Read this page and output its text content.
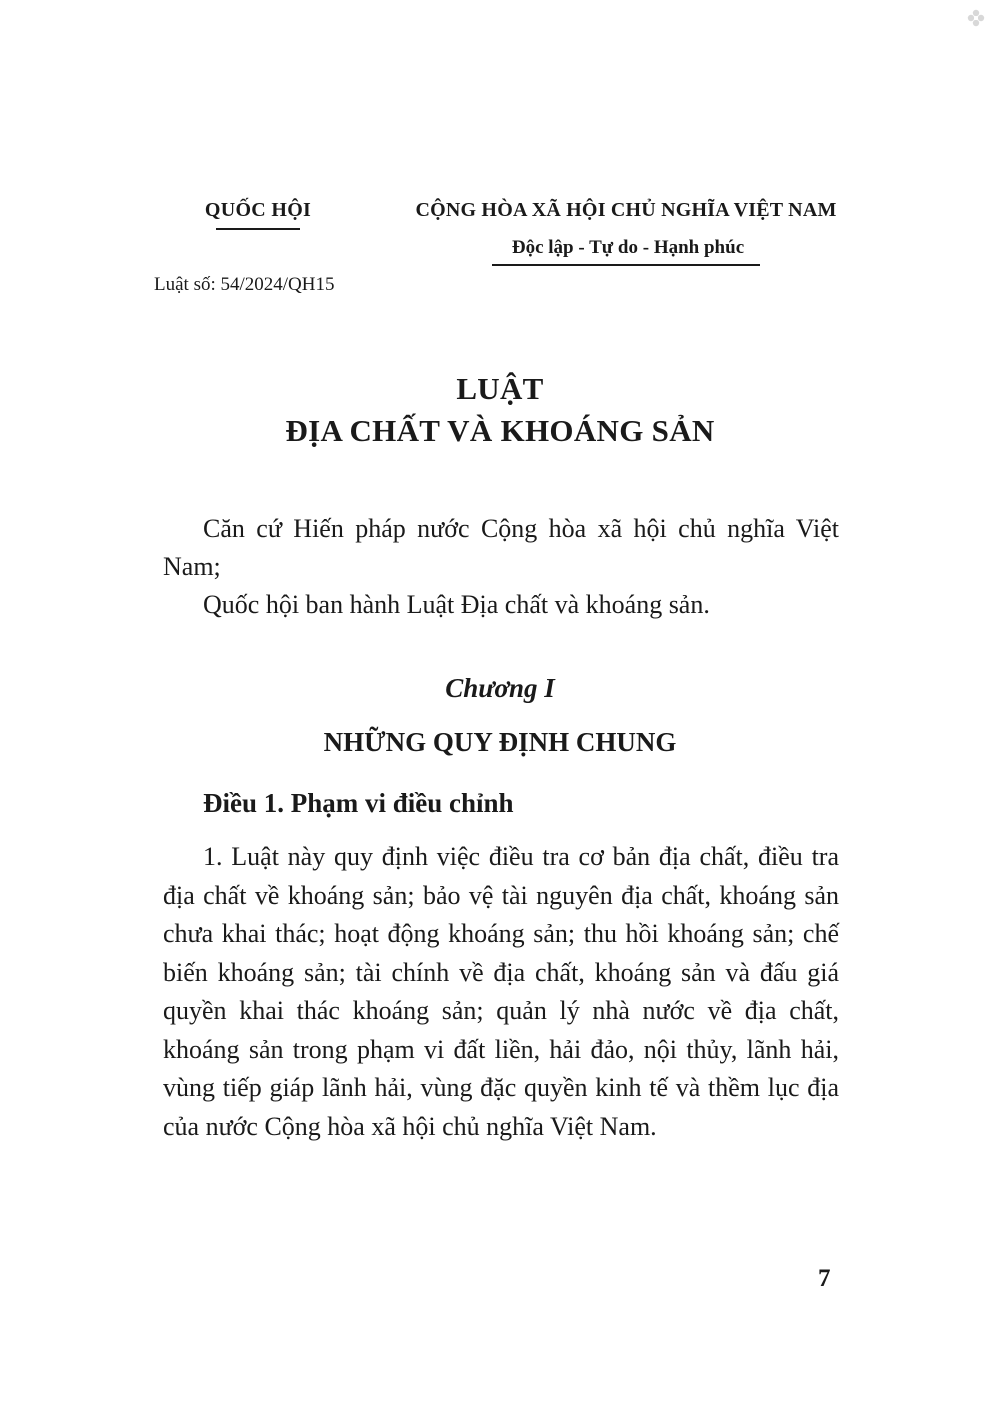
QUỐC HỘI
Luật số: 54/2024/QH15
CỘNG HÒA XÃ HỘI CHỦ NGHĨA VIỆT NAM
Độc lập - Tự do - Hạnh phúc
LUẬT
ĐỊA CHẤT VÀ KHOÁNG SẢN

Căn cứ Hiến pháp nước Cộng hòa xã hội chủ nghĩa Việt Nam;

Quốc hội ban hành Luật Địa chất và khoáng sản.

Chương I
NHỮNG QUY ĐỊNH CHUNG
Điều 1. Phạm vi điều chỉnh

1. Luật này quy định việc điều tra cơ bản địa chất, điều tra địa chất về khoáng sản; bảo vệ tài nguyên địa chất, khoáng sản chưa khai thác; hoạt động khoáng sản; thu hồi khoáng sản; chế biến khoáng sản; tài chính về địa chất, khoáng sản và đấu giá quyền khai thác khoáng sản; quản lý nhà nước về địa chất, khoáng sản trong phạm vi đất liền, hải đảo, nội thủy, lãnh hải, vùng tiếp giáp lãnh hải, vùng đặc quyền kinh tế và thềm lục địa của nước Cộng hòa xã hội chủ nghĩa Việt Nam.

7
